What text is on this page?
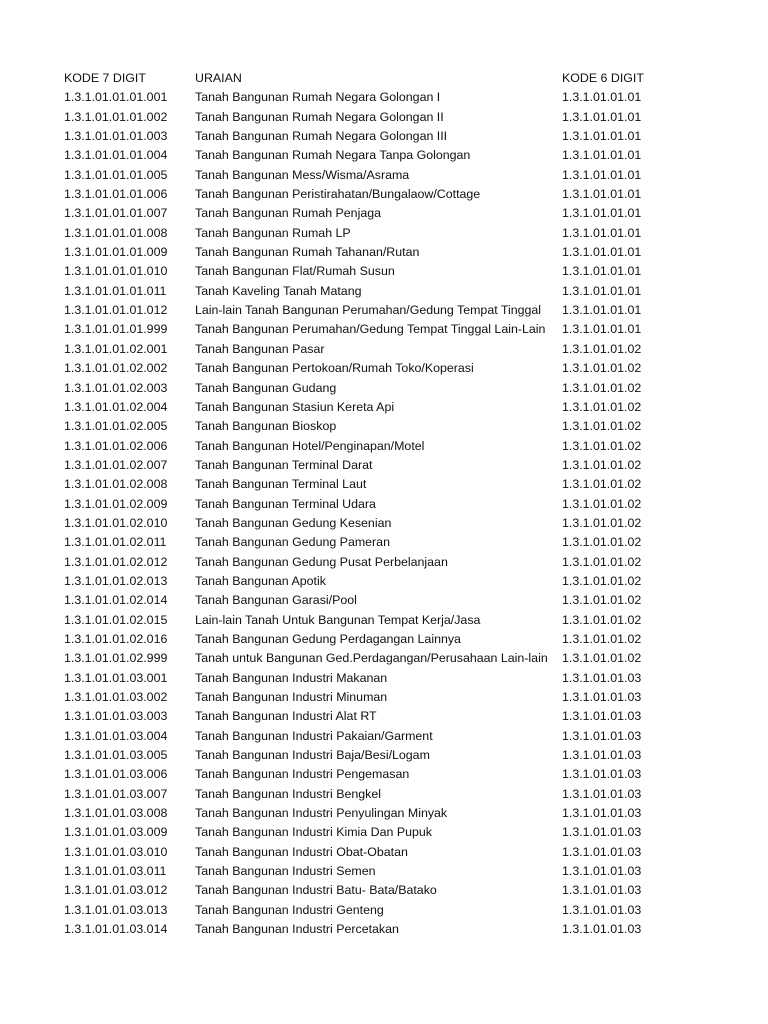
KODE 7 DIGIT	URAIAN	KODE 6 DIGIT
1.3.1.01.01.01.001	Tanah Bangunan Rumah Negara Golongan I	1.3.1.01.01.01
1.3.1.01.01.01.002	Tanah Bangunan Rumah Negara Golongan II	1.3.1.01.01.01
1.3.1.01.01.01.003	Tanah Bangunan Rumah Negara Golongan III	1.3.1.01.01.01
1.3.1.01.01.01.004	Tanah Bangunan Rumah Negara Tanpa Golongan	1.3.1.01.01.01
1.3.1.01.01.01.005	Tanah Bangunan Mess/Wisma/Asrama	1.3.1.01.01.01
1.3.1.01.01.01.006	Tanah Bangunan Peristirahatan/Bungalaow/Cottage	1.3.1.01.01.01
1.3.1.01.01.01.007	Tanah Bangunan Rumah Penjaga	1.3.1.01.01.01
1.3.1.01.01.01.008	Tanah Bangunan Rumah LP	1.3.1.01.01.01
1.3.1.01.01.01.009	Tanah Bangunan Rumah Tahanan/Rutan	1.3.1.01.01.01
1.3.1.01.01.01.010	Tanah Bangunan Flat/Rumah Susun	1.3.1.01.01.01
1.3.1.01.01.01.011	Tanah Kaveling Tanah Matang	1.3.1.01.01.01
1.3.1.01.01.01.012	Lain-lain Tanah Bangunan Perumahan/Gedung Tempat Tinggal	1.3.1.01.01.01
1.3.1.01.01.01.999	Tanah Bangunan Perumahan/Gedung Tempat Tinggal Lain-Lain	1.3.1.01.01.01
1.3.1.01.01.02.001	Tanah Bangunan Pasar	1.3.1.01.01.02
1.3.1.01.01.02.002	Tanah Bangunan Pertokoan/Rumah Toko/Koperasi	1.3.1.01.01.02
1.3.1.01.01.02.003	Tanah Bangunan Gudang	1.3.1.01.01.02
1.3.1.01.01.02.004	Tanah Bangunan Stasiun Kereta Api	1.3.1.01.01.02
1.3.1.01.01.02.005	Tanah Bangunan Bioskop	1.3.1.01.01.02
1.3.1.01.01.02.006	Tanah Bangunan Hotel/Penginapan/Motel	1.3.1.01.01.02
1.3.1.01.01.02.007	Tanah Bangunan Terminal Darat	1.3.1.01.01.02
1.3.1.01.01.02.008	Tanah Bangunan Terminal Laut	1.3.1.01.01.02
1.3.1.01.01.02.009	Tanah Bangunan Terminal Udara	1.3.1.01.01.02
1.3.1.01.01.02.010	Tanah Bangunan Gedung Kesenian	1.3.1.01.01.02
1.3.1.01.01.02.011	Tanah Bangunan Gedung Pameran	1.3.1.01.01.02
1.3.1.01.01.02.012	Tanah Bangunan Gedung Pusat Perbelanjaan	1.3.1.01.01.02
1.3.1.01.01.02.013	Tanah Bangunan Apotik	1.3.1.01.01.02
1.3.1.01.01.02.014	Tanah Bangunan Garasi/Pool	1.3.1.01.01.02
1.3.1.01.01.02.015	Lain-lain Tanah Untuk Bangunan Tempat Kerja/Jasa	1.3.1.01.01.02
1.3.1.01.01.02.016	Tanah Bangunan Gedung Perdagangan Lainnya	1.3.1.01.01.02
1.3.1.01.01.02.999	Tanah untuk Bangunan Ged.Perdagangan/Perusahaan Lain-lain	1.3.1.01.01.02
1.3.1.01.01.03.001	Tanah Bangunan Industri Makanan	1.3.1.01.01.03
1.3.1.01.01.03.002	Tanah Bangunan Industri Minuman	1.3.1.01.01.03
1.3.1.01.01.03.003	Tanah Bangunan Industri Alat RT	1.3.1.01.01.03
1.3.1.01.01.03.004	Tanah Bangunan Industri Pakaian/Garment	1.3.1.01.01.03
1.3.1.01.01.03.005	Tanah Bangunan Industri Baja/Besi/Logam	1.3.1.01.01.03
1.3.1.01.01.03.006	Tanah Bangunan Industri Pengemasan	1.3.1.01.01.03
1.3.1.01.01.03.007	Tanah Bangunan Industri Bengkel	1.3.1.01.01.03
1.3.1.01.01.03.008	Tanah Bangunan Industri Penyulingan Minyak	1.3.1.01.01.03
1.3.1.01.01.03.009	Tanah Bangunan Industri Kimia Dan Pupuk	1.3.1.01.01.03
1.3.1.01.01.03.010	Tanah Bangunan Industri Obat-Obatan	1.3.1.01.01.03
1.3.1.01.01.03.011	Tanah Bangunan Industri Semen	1.3.1.01.01.03
1.3.1.01.01.03.012	Tanah Bangunan Industri Batu- Bata/Batako	1.3.1.01.01.03
1.3.1.01.01.03.013	Tanah Bangunan Industri Genteng	1.3.1.01.01.03
1.3.1.01.01.03.014	Tanah Bangunan Industri Percetakan	1.3.1.01.01.03
